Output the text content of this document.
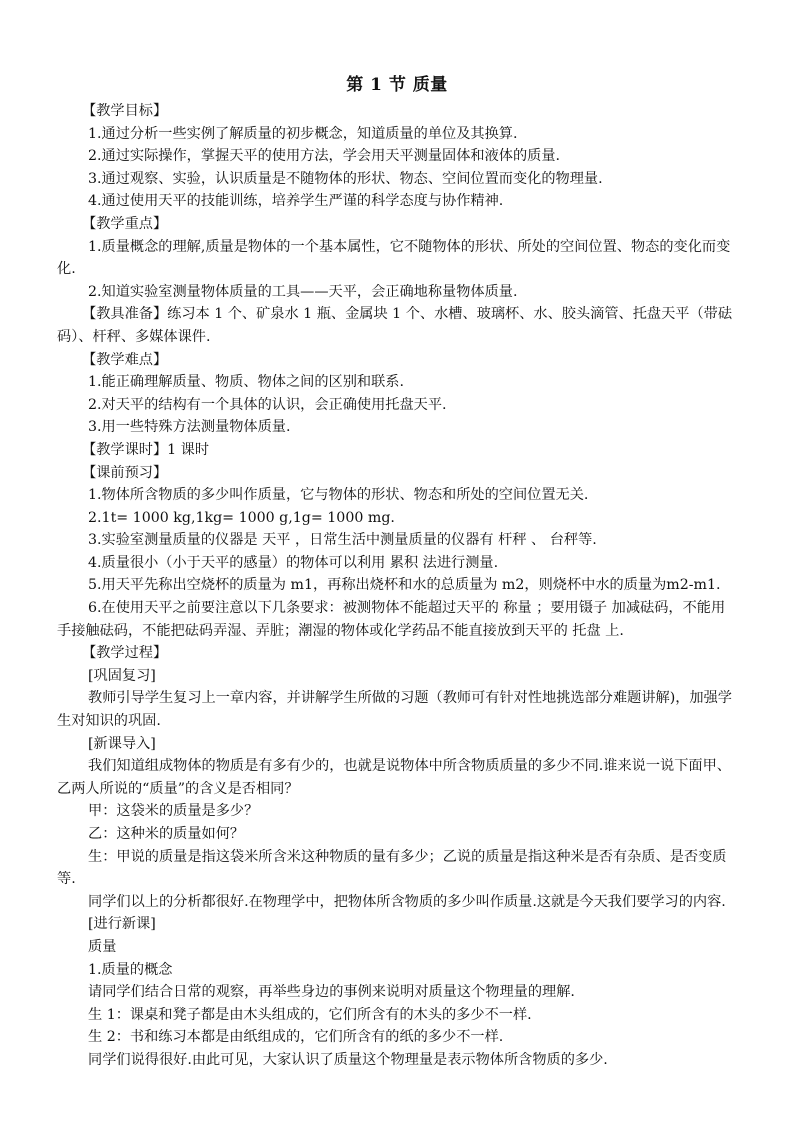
第 1 节 质量

【教学目标】

1.通过分析一些实例了解质量的初步概念，知道质量的单位及其换算.

2.通过实际操作，掌握天平的使用方法，学会用天平测量固体和液体的质量.

3.通过观察、实验，认识质量是不随物体的形状、物态、空间位置而变化的物理量.

4.通过使用天平的技能训练，培养学生严谨的科学态度与协作精神.

【教学重点】

1.质量概念的理解,质量是物体的一个基本属性，它不随物体的形状、所处的空间位置、物态的变化而变化.

2.知道实验室测量物体质量的工具——天平，会正确地称量物体质量.

【教具准备】练习本 1 个、矿泉水 1 瓶、金属块 1 个、水槽、玻璃杯、水、胶头滴管、托盘天平（带砝码）、杆秤、多媒体课件.

【教学难点】

1.能正确理解质量、物质、物体之间的区别和联系.

2.对天平的结构有一个具体的认识，会正确使用托盘天平.

3.用一些特殊方法测量物体质量.

【教学课时】1 课时

【课前预习】

1.物体所含物质的多少叫作质量，它与物体的形状、物态和所处的空间位置无关.

2.1t= 1000 kg,1kg= 1000 g,1g= 1000 mg.

3.实验室测量质量的仪器是 天平 ，日常生活中测量质量的仪器有 杆秤 、 台秤等.

4.质量很小（小于天平的感量）的物体可以利用 累积 法进行测量.

5.用天平先称出空烧杯的质量为 m1，再称出烧杯和水的总质量为 m2，则烧杯中水的质量为m2-m1.

6.在使用天平之前要注意以下几条要求：被测物体不能超过天平的 称量 ；要用镊子 加减砝码，不能用手接触砝码，不能把砝码弄湿、弄脏；潮湿的物体或化学药品不能直接放到天平的 托盘 上.

【教学过程】

[巩固复习]

教师引导学生复习上一章内容，并讲解学生所做的习题（教师可有针对性地挑选部分难题讲解)，加强学生对知识的巩固.

[新课导入]

我们知道组成物体的物质是有多有少的，也就是说物体中所含物质质量的多少不同.谁来说一说下面甲、乙两人所说的“质量”的含义是否相同？

甲：这袋米的质量是多少？

乙：这种米的质量如何？

生：甲说的质量是指这袋米所含米这种物质的量有多少；乙说的质量是指这种米是否有杂质、是否变质等.

同学们以上的分析都很好.在物理学中，把物体所含物质的多少叫作质量.这就是今天我们要学习的内容.

[进行新课]

质量

1.质量的概念

请同学们结合日常的观察，再举些身边的事例来说明对质量这个物理量的理解.

生 1：课桌和凳子都是由木头组成的，它们所含有的木头的多少不一样.

生 2：书和练习本都是由纸组成的，它们所含有的纸的多少不一样.

同学们说得很好.由此可见，大家认识了质量这个物理量是表示物体所含物质的多少.
